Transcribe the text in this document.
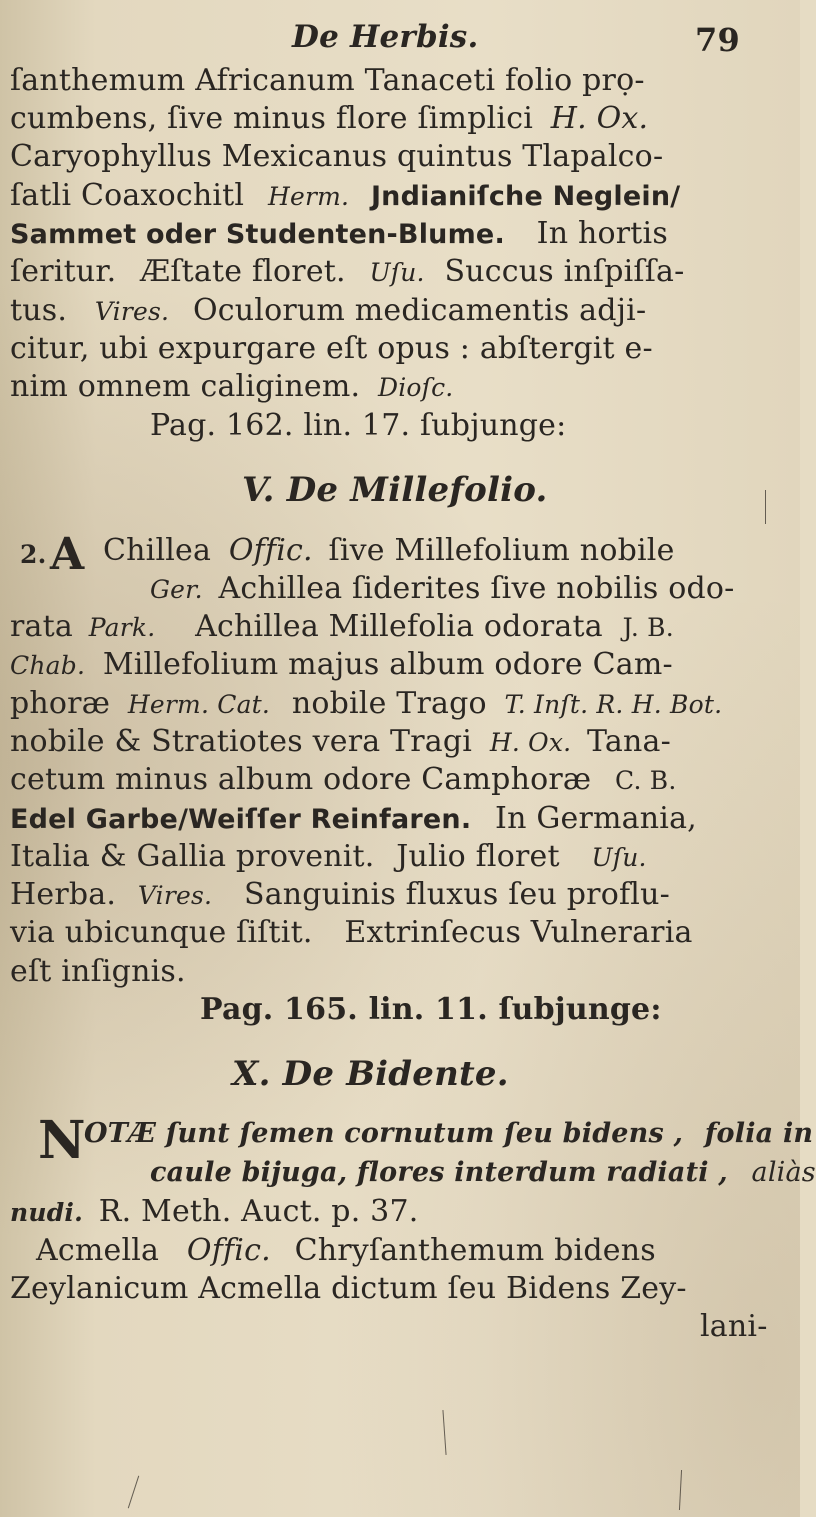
De Herbis.	79
ſanthemum Africanum Tanaceti folio prọ-
cumbens, ſive minus flore ſimplici H. Ox.
Caryophyllus Mexicanus quintus Tlapalco-
ſatli Coaxochitl Herm. Jndianiſche Neglein/
Sammet oder Studenten-Blume. In hortis
ſeritur. Æſtate floret. Uſu. Succus inſpiſſa-
tus. Vires. Oculorum medicamentis adji-
citur, ubi expurgare eſt opus : abſtergit e-
nim omnem caliginem. Dioſc.
Pag. 162. lin. 17. ſubjunge:
V. De Millefolio.
2. A Chillea Offic. ſive Millefolium nobile
Ger. Achillea ſiderites ſive nobilis odo-
rata Park. Achillea Millefolia odorata J. B.
Chab. Millefolium majus album odore Cam-
phoræ Herm. Cat. nobile Trago T. Inſt. R. H. Bot.
nobile & Stratiotes vera Tragi H. Ox. Tana-
cetum minus album odore Camphoræ C. B.
Edel Garbe/Weiſſer Reinfaren. In Germania,
Italia & Gallia provenit. Julio floret Uſu.
Herba. Vires. Sanguinis fluxus ſeu proflu-
via ubicunque ſiſtit. Extrinſecus Vulneraria
eſt inſignis.
Pag. 165. lin. 11. ſubjunge:
X. De Bidente.
N
OTÆ ſunt ſemen cornutum ſeu bidens , folia in
caule bijuga, flores interdum radiati , aliàs
nudi. R. Meth. Auct. p. 37.
Acmella Offic. Chryſanthemum bidens
Zeylanicum Acmella dictum ſeu Bidens Zey-
lani-
